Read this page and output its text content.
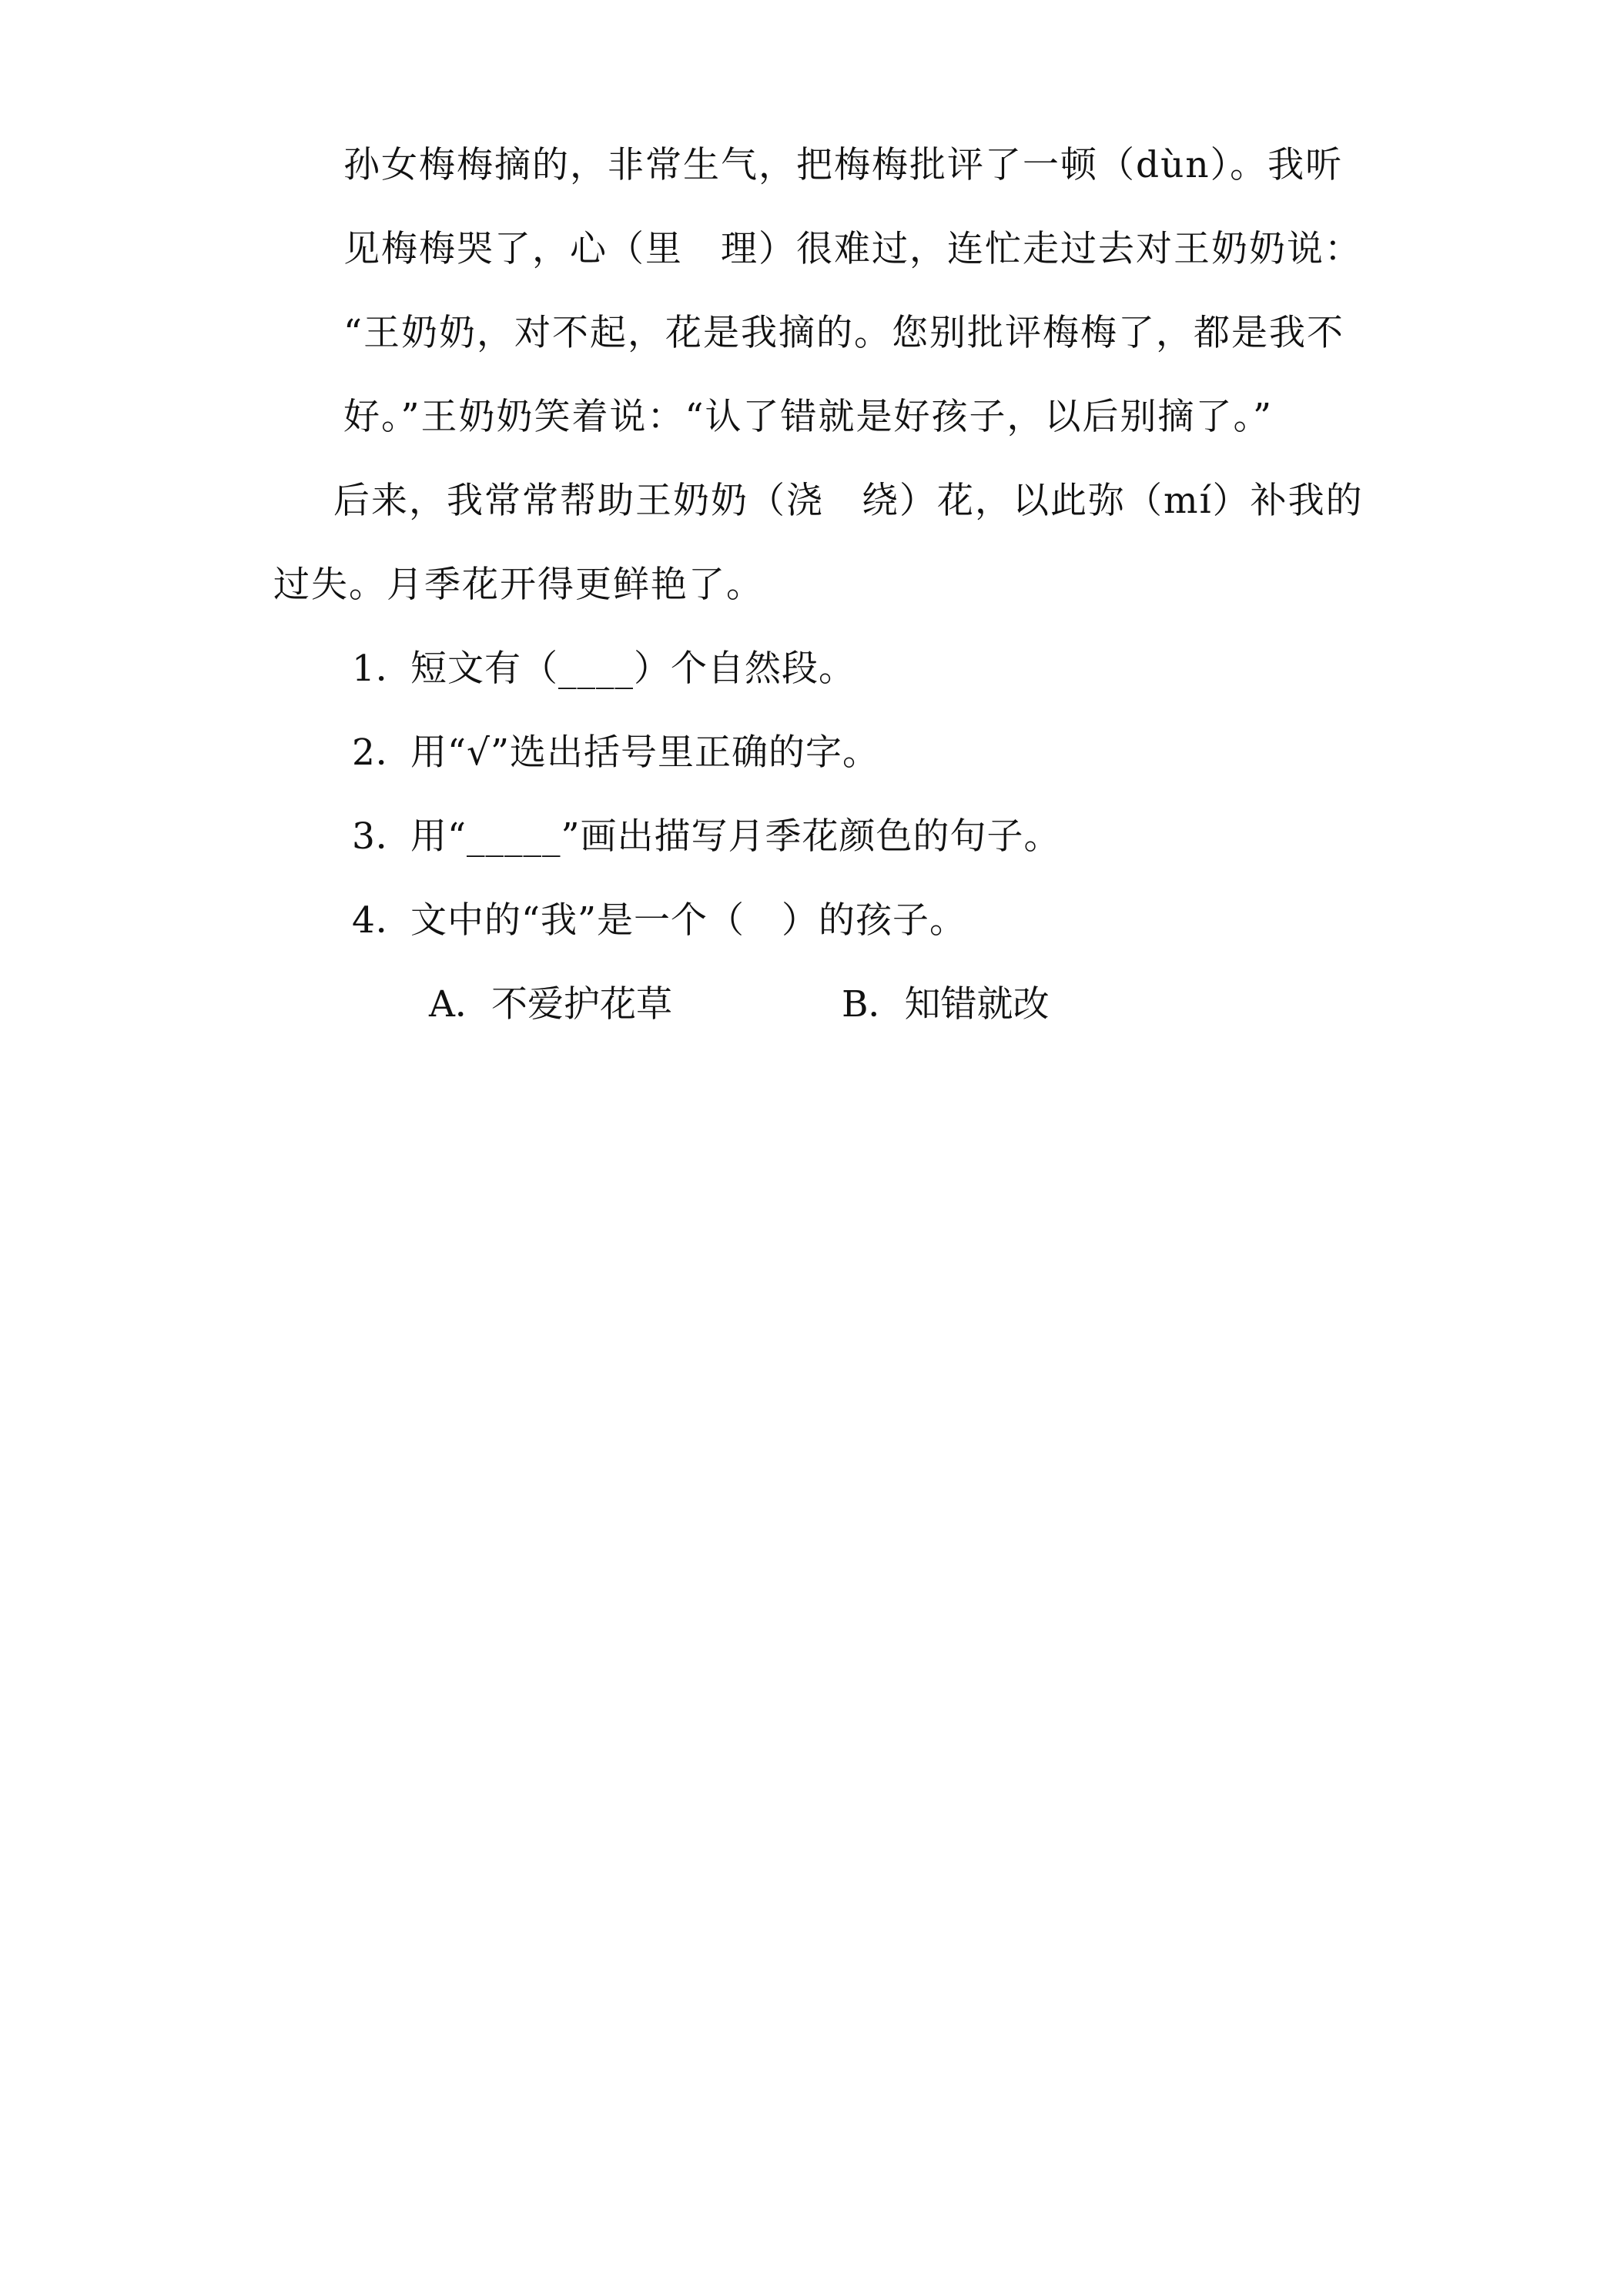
孙女梅梅摘的，非常生气，把梅梅批评了一顿（dùn）。我听
见梅梅哭了，心（里　理）很难过，连忙走过去对王奶奶说：
“王奶奶，对不起，花是我摘的。您别批评梅梅了，都是我不
好。”王奶奶笑着说：“认了错就是好孩子，以后别摘了。”
后来，我常常帮助王奶奶（浇　绕）花，以此弥（mí）补我的
过失。月季花开得更鲜艳了。
1．短文有（____）个自然段。
2．用“√”选出括号里正确的字。
3．用“_____”画出描写月季花颜色的句子。
4．文中的“我”是一个（　）的孩子。
A．不爱护花草	B．知错就改
